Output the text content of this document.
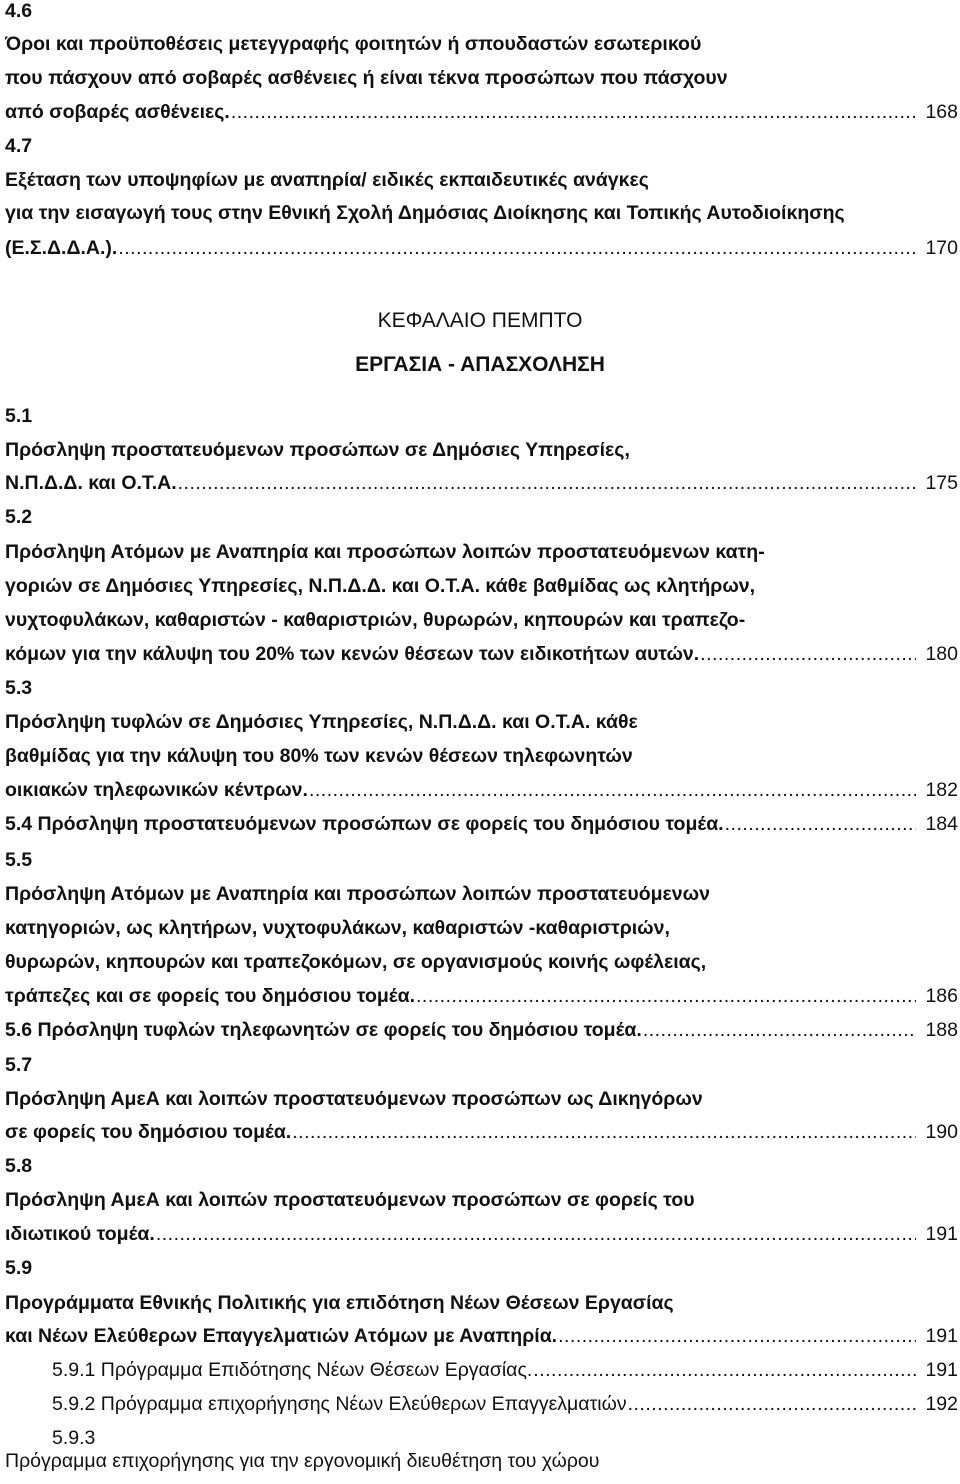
4.6
Όροι και προϋποθέσεις μετεγγραφής φοιτητών ή σπουδαστών εσωτερικού
που πάσχουν από σοβαρές ασθένειες ή είναι τέκνα προσώπων που πάσχουν
από σοβαρές ασθένειες. .....	168
4.7
Εξέταση των υποψηφίων με αναπηρία/ ειδικές εκπαιδευτικές ανάγκες
για την εισαγωγή τους στην Εθνική Σχολή Δημόσιας Διοίκησης και Τοπικής Αυτοδιοίκησης
(Ε.Σ.Δ.Δ.Α.). .....	170
ΚΕΦΑΛΑΙΟ ΠΕΜΠΤΟ
ΕΡΓΑΣΙΑ - ΑΠΑΣΧΟΛΗΣΗ
5.1
Πρόσληψη προστατευόμενων προσώπων σε Δημόσιες Υπηρεσίες,
Ν.Π.Δ.Δ. και Ο.Τ.Α. .....	175
5.2
Πρόσληψη Ατόμων με Αναπηρία και προσώπων λοιπών προστατευόμενων κατη-
γοριών σε Δημόσιες Υπηρεσίες, Ν.Π.Δ.Δ. και Ο.Τ.Α. κάθε βαθμίδας ως κλητήρων,
νυχτοφυλάκων, καθαριστών - καθαριστριών, θυρωρών, κηπουρών και τραπεζο-
κόμων για την κάλυψη του 20% των κενών θέσεων των ειδικοτήτων αυτών. .....	180
5.3
Πρόσληψη τυφλών σε Δημόσιες Υπηρεσίες, Ν.Π.Δ.Δ. και Ο.Τ.Α. κάθε
βαθμίδας για την κάλυψη του 80% των κενών θέσεων τηλεφωνητών
οικιακών τηλεφωνικών κέντρων. .....	182
5.4 Πρόσληψη προστατευόμενων προσώπων σε φορείς του δημόσιου τομέα. .....	184
5.5
Πρόσληψη Ατόμων με Αναπηρία και προσώπων λοιπών προστατευόμενων
κατηγοριών, ως κλητήρων, νυχτοφυλάκων, καθαριστών -καθαριστριών,
θυρωρών, κηπουρών και τραπεζοκόμων, σε οργανισμούς κοινής ωφέλειας,
τράπεζες και σε φορείς του δημόσιου τομέα. .....	186
5.6 Πρόσληψη τυφλών τηλεφωνητών σε φορείς του δημόσιου τομέα. .....	188
5.7
Πρόσληψη ΑμεΑ και λοιπών προστατευόμενων προσώπων ως Δικηγόρων
σε φορείς του δημόσιου τομέα. .....	190
5.8
Πρόσληψη ΑμεΑ και λοιπών προστατευόμενων προσώπων σε φορείς του
ιδιωτικού τομέα. .....	191
5.9
Προγράμματα Εθνικής Πολιτικής για επιδότηση Νέων Θέσεων Εργασίας
και Νέων Ελεύθερων Επαγγελματιών Ατόμων με Αναπηρία. .....	191
5.9.1 Πρόγραμμα Επιδότησης Νέων Θέσεων Εργασίας. .....	191
5.9.2 Πρόγραμμα επιχορήγησης Νέων Ελεύθερων Επαγγελματιών .....	192
5.9.3
Πρόγραμμα επιχορήγησης για την εργονομική διευθέτηση του χώρου
